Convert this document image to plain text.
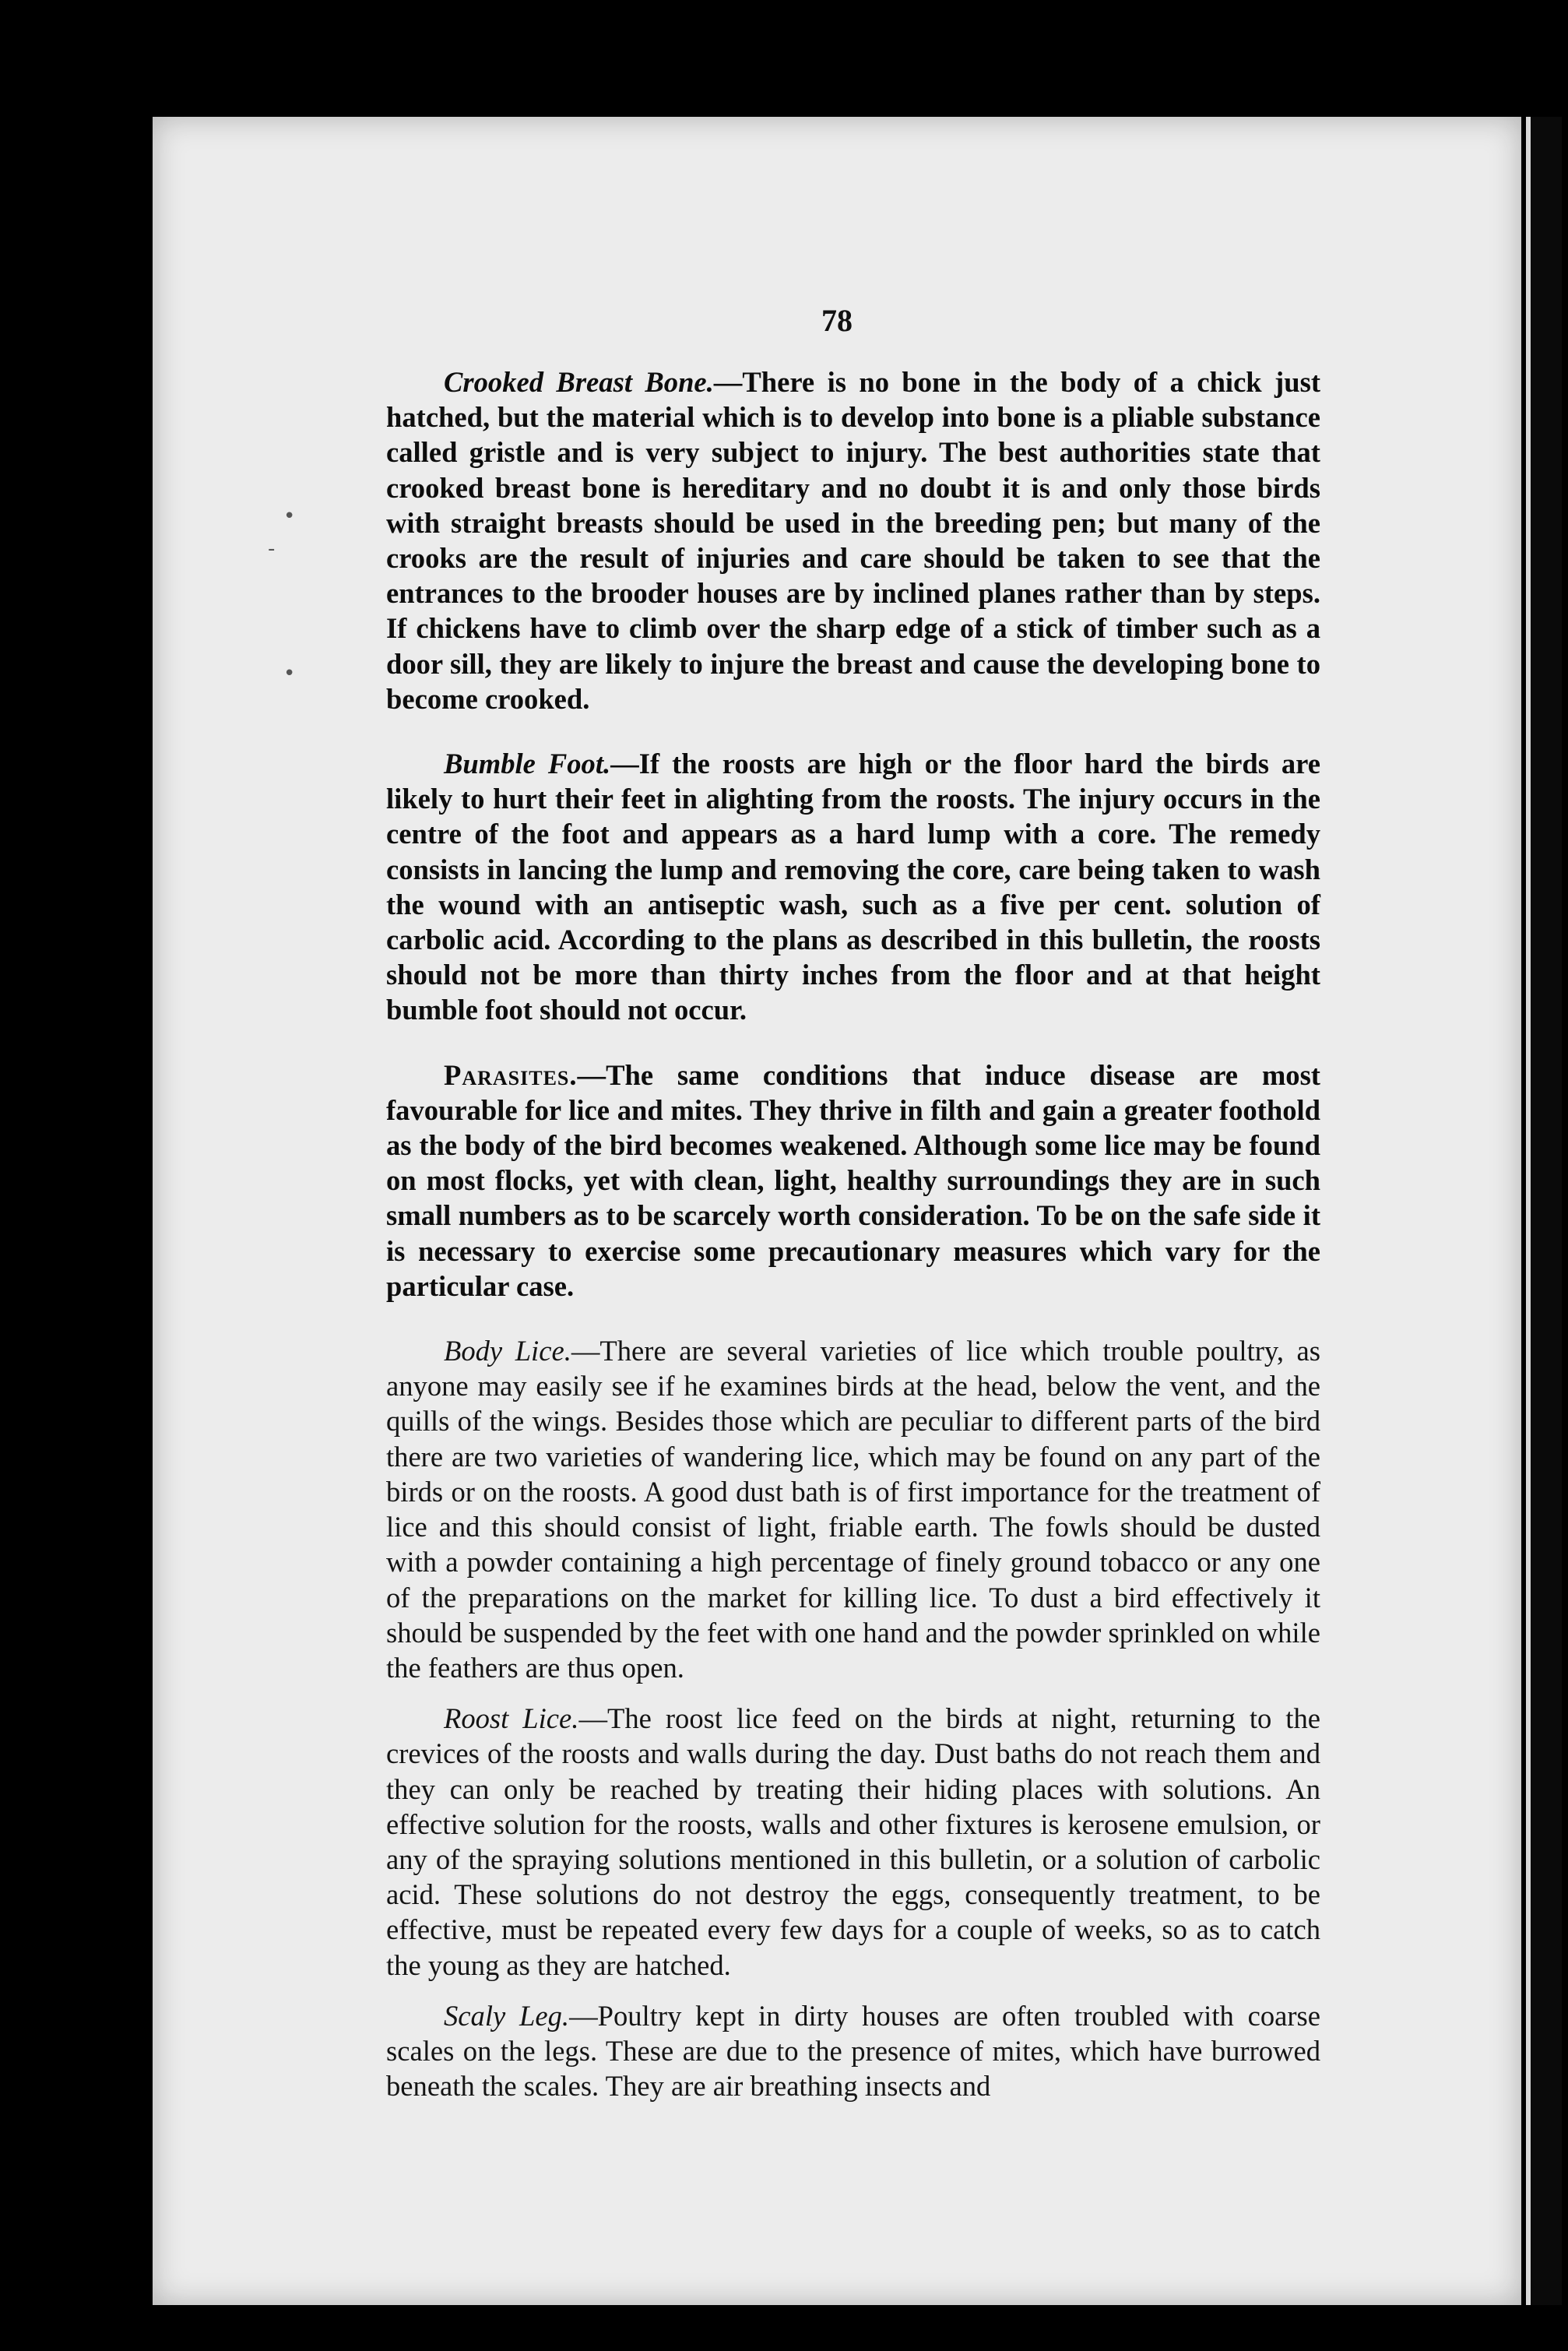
78
•
-
•

Crooked Breast Bone.—There is no bone in the body of a chick just hatched, but the material which is to develop into bone is a pliable substance called gristle and is very subject to injury. The best authorities state that crooked breast bone is hereditary and no doubt it is and only those birds with straight breasts should be used in the breeding pen; but many of the crooks are the result of injuries and care should be taken to see that the entrances to the brooder houses are by inclined planes rather than by steps. If chickens have to climb over the sharp edge of a stick of timber such as a door sill, they are likely to injure the breast and cause the developing bone to become crooked.

Bumble Foot.—If the roosts are high or the floor hard the birds are likely to hurt their feet in alighting from the roosts. The injury occurs in the centre of the foot and appears as a hard lump with a core. The remedy consists in lancing the lump and removing the core, care being taken to wash the wound with an antiseptic wash, such as a five per cent. solution of carbolic acid. According to the plans as described in this bulletin, the roosts should not be more than thirty inches from the floor and at that height bumble foot should not occur.

Parasites.—The same conditions that induce disease are most favourable for lice and mites. They thrive in filth and gain a greater foothold as the body of the bird becomes weakened. Although some lice may be found on most flocks, yet with clean, light, healthy surroundings they are in such small numbers as to be scarcely worth consideration. To be on the safe side it is necessary to exercise some precautionary measures which vary for the particular case.

Body Lice.—There are several varieties of lice which trouble poultry, as anyone may easily see if he examines birds at the head, below the vent, and the quills of the wings. Besides those which are peculiar to different parts of the bird there are two varieties of wandering lice, which may be found on any part of the birds or on the roosts. A good dust bath is of first importance for the treatment of lice and this should consist of light, friable earth. The fowls should be dusted with a powder containing a high percentage of finely ground tobacco or any one of the preparations on the market for killing lice. To dust a bird effectively it should be suspended by the feet with one hand and the powder sprinkled on while the feathers are thus open.

Roost Lice.—The roost lice feed on the birds at night, returning to the crevices of the roosts and walls during the day. Dust baths do not reach them and they can only be reached by treating their hiding places with solutions. An effective solution for the roosts, walls and other fixtures is kerosene emulsion, or any of the spraying solutions mentioned in this bulletin, or a solution of carbolic acid. These solutions do not destroy the eggs, consequently treatment, to be effective, must be repeated every few days for a couple of weeks, so as to catch the young as they are hatched.

Scaly Leg.—Poultry kept in dirty houses are often troubled with coarse scales on the legs. These are due to the presence of mites, which have burrowed beneath the scales. They are air breathing insects and
